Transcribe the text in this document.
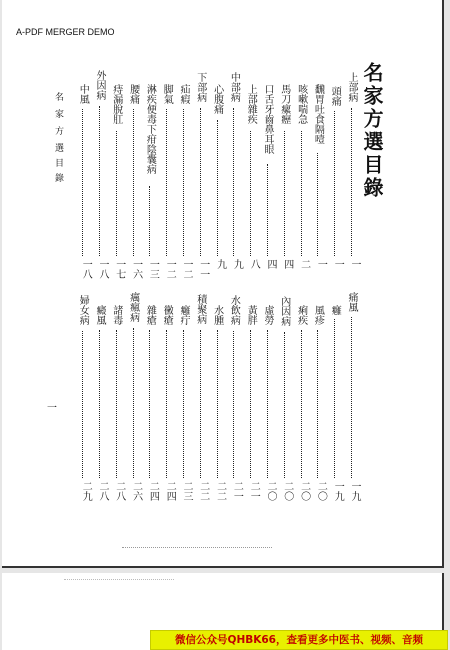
A-PDF MERGER DEMO
名家方選目錄
名家方選
目錄
一
上部病
一
頭痛
一
飜胃吐食隔噎
一
咳嗽喘急
二
馬刀瘰癧
四
口舌牙齒鼻耳眼
四
上部雜疾
八
中部病
九
心腹痛
九
下部病
一一
疝瘕
一二
脚氣
一二
淋疾便毒下疳陰囊病
一三
腰痛
一六
痔漏脫肛
一七
外因病
一八
中風
一八
痛風
一九
癰
一九
風疹
二〇
痢疾
二〇
內因病
二〇
虛勞
二〇
黃胖
二一
水飲病
二一
水腫
二二
積聚病
二二
癰疔
二三
黴瘡
二四
雜瘡
二四
癘瘋病
二六
諸毒
二八
癜風
二八
婦女病
二九
微信公众号QHBK66，查看更多中医书、视频、音频
